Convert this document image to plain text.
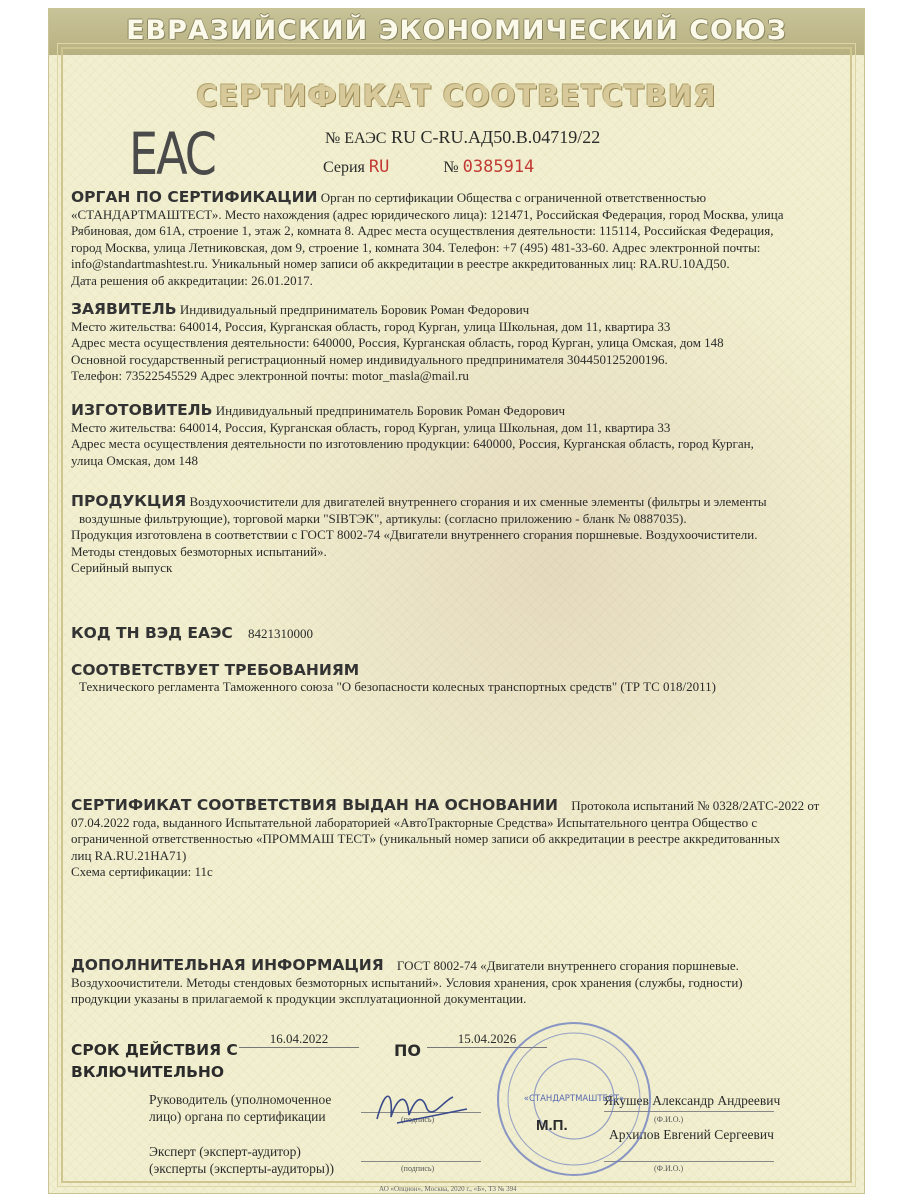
ЕВРАЗИЙСКИЙ ЭКОНОМИЧЕСКИЙ СОЮЗ
СЕРТИФИКАТ СООТВЕТСТВИЯ
EAC	№ ЕАЭС RU С-RU.АД50.В.04719/22
Серия RU	№ 0385914
ОРГАН ПО СЕРТИФИКАЦИИ Орган по сертификации Общества с ограниченной ответственностью
«СТАНДАРТМАШТЕСТ». Место нахождения (адрес юридического лица): 121471, Российская Федерация, город Москва, улица
Рябиновая, дом 61А, строение 1, этаж 2, комната 8. Адрес места осуществления деятельности: 115114, Российская Федерация,
город Москва, улица Летниковская, дом 9, строение 1, комната 304. Телефон: +7 (495) 481-33-60. Адрес электронной почты:
info@standartmashtest.ru. Уникальный номер записи об аккредитации в реестре аккредитованных лиц: RA.RU.10АД50.
Дата решения об аккредитации: 26.01.2017.
ЗАЯВИТЕЛЬ Индивидуальный предприниматель Боровик Роман Федорович
Место жительства: 640014, Россия, Курганская область, город Курган, улица Школьная, дом 11, квартира 33
Адрес места осуществления деятельности: 640000, Россия, Курганская область, город Курган, улица Омская, дом 148
Основной государственный регистрационный номер индивидуального предпринимателя 304450125200196.
Телефон: 73522545529 Адрес электронной почты: motor_masla@mail.ru
ИЗГОТОВИТЕЛЬ Индивидуальный предприниматель Боровик Роман Федорович
Место жительства: 640014, Россия, Курганская область, город Курган, улица Школьная, дом 11, квартира 33
Адрес места осуществления деятельности по изготовлению продукции: 640000, Россия, Курганская область, город Курган,
улица Омская, дом 148
ПРОДУКЦИЯ Воздухоочистители для двигателей внутреннего сгорания и их сменные элементы (фильтры и элементы
воздушные фильтрующие), торговой марки "SIBТЭК", артикулы: (согласно приложению - бланк № 0887035).
Продукция изготовлена в соответствии с ГОСТ 8002-74 «Двигатели внутреннего сгорания поршневые. Воздухоочистители.
Методы стендовых безмоторных испытаний».
Серийный выпуск
КОД ТН ВЭД ЕАЭС 8421310000
СООТВЕТСТВУЕТ ТРЕБОВАНИЯМ
Технического регламента Таможенного союза "О безопасности колесных транспортных средств" (ТР ТС 018/2011)
СЕРТИФИКАТ СООТВЕТСТВИЯ ВЫДАН НА ОСНОВАНИИ Протокола испытаний № 0328/2АТС-2022 от
07.04.2022 года, выданного Испытательной лабораторией «АвтоТракторные Средства» Испытательного центра Общество с
ограниченной ответственностью «ПРОММАШ ТЕСТ» (уникальный номер записи об аккредитации в реестре аккредитованных
лиц RA.RU.21НА71)
Схема сертификации: 11с
ДОПОЛНИТЕЛЬНАЯ ИНФОРМАЦИЯ ГОСТ 8002-74 «Двигатели внутреннего сгорания поршневые.
Воздухоочистители. Методы стендовых безмоторных испытаний». Условия хранения, срок хранения (службы, годности)
продукции указаны в прилагаемой к продукции эксплуатационной документации.
СРОК ДЕЙСТВИЯ С
ВКЛЮЧИТЕЛЬНО
16.04.2022
ПО
15.04.2026
Руководитель (уполномоченное
лицо) органа по сертификации	(подпись)
Якушев Александр Андреевич
(Ф.И.О.)
Эксперт (эксперт-аудитор)
(эксперты (эксперты-аудиторы))	(подпись)
Архипов Евгений Сергеевич
(Ф.И.О.)
«СТАНДАРТМАШТЕСТ»
М.П.
АО «Опцион», Москва, 2020 г., «Б», ТЗ № 394
